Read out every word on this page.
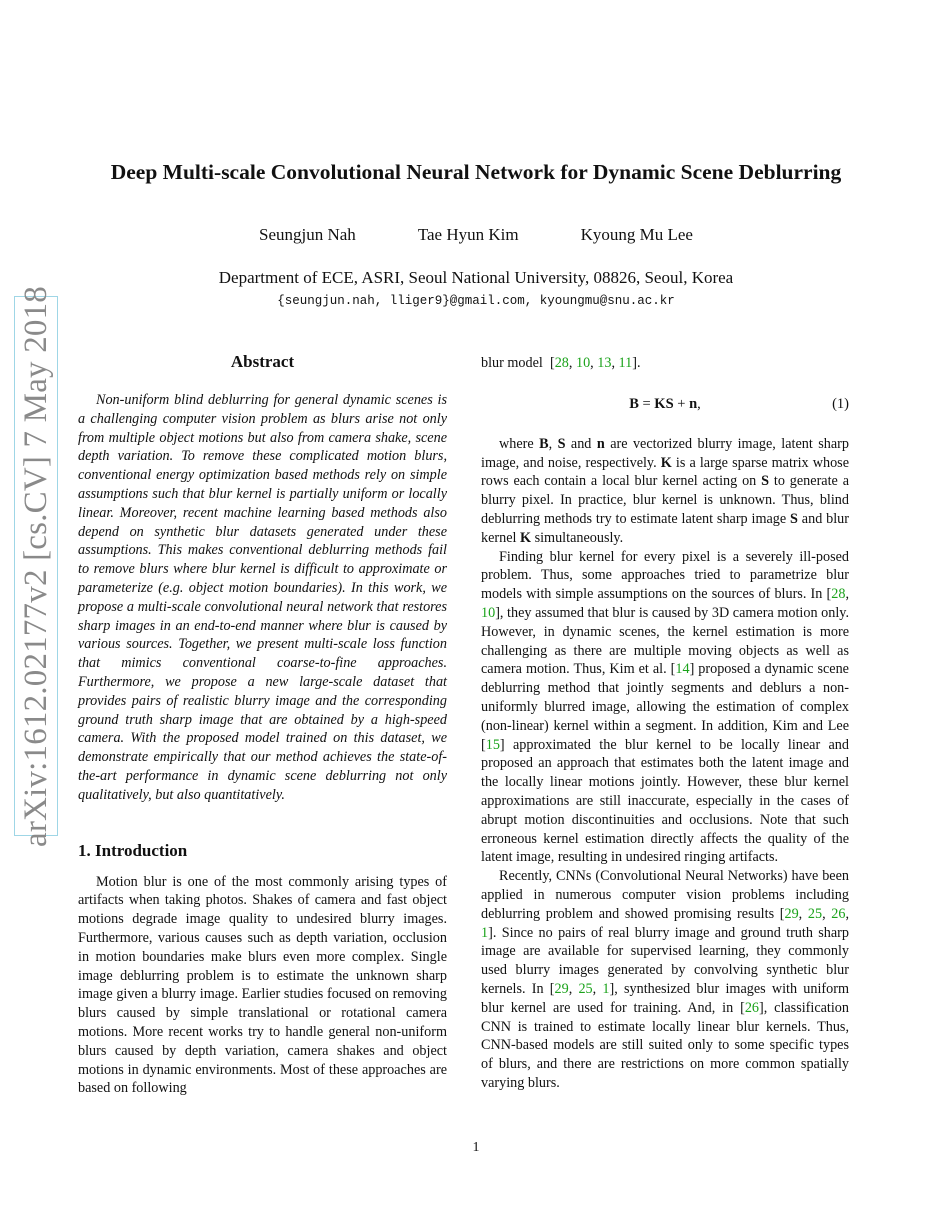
arXiv:1612.02177v2 [cs.CV] 7 May 2018
Deep Multi-scale Convolutional Neural Network for Dynamic Scene Deblurring
Seungjun Nah	Tae Hyun Kim	Kyoung Mu Lee
Department of ECE, ASRI, Seoul National University, 08826, Seoul, Korea
{seungjun.nah, lliger9}@gmail.com, kyoungmu@snu.ac.kr
Abstract

Non-uniform blind deblurring for general dynamic scenes is a challenging computer vision problem as blurs arise not only from multiple object motions but also from camera shake, scene depth variation. To remove these complicated motion blurs, conventional energy optimization based methods rely on simple assumptions such that blur kernel is partially uniform or locally linear. Moreover, recent machine learning based methods also depend on synthetic blur datasets generated under these assumptions. This makes conventional deblurring methods fail to remove blurs where blur kernel is difficult to approximate or parameterize (e.g. object motion boundaries). In this work, we propose a multi-scale convolutional neural network that restores sharp images in an end-to-end manner where blur is caused by various sources. Together, we present multi-scale loss function that mimics conventional coarse-to-fine approaches. Furthermore, we propose a new large-scale dataset that provides pairs of realistic blurry image and the corresponding ground truth sharp image that are obtained by a high-speed camera. With the proposed model trained on this dataset, we demonstrate empirically that our method achieves the state-of-the-art performance in dynamic scene deblurring not only qualitatively, but also quantitatively.

1. Introduction

Motion blur is one of the most commonly arising types of artifacts when taking photos. Shakes of camera and fast object motions degrade image quality to undesired blurry images. Furthermore, various causes such as depth variation, occlusion in motion boundaries make blurs even more complex. Single image deblurring problem is to estimate the unknown sharp image given a blurry image. Earlier studies focused on removing blurs caused by simple translational or rotational camera motions. More recent works try to handle general non-uniform blurs caused by depth variation, camera shakes and object motions in dynamic environments. Most of these approaches are based on following

blur model  [28, 10, 13, 11].

B = KS + n,	(1)

where B, S and n are vectorized blurry image, latent sharp image, and noise, respectively. K is a large sparse matrix whose rows each contain a local blur kernel acting on S to generate a blurry pixel. In practice, blur kernel is unknown. Thus, blind deblurring methods try to estimate latent sharp image S and blur kernel K simultaneously.

Finding blur kernel for every pixel is a severely ill-posed problem. Thus, some approaches tried to parametrize blur models with simple assumptions on the sources of blurs. In [28, 10], they assumed that blur is caused by 3D camera motion only. However, in dynamic scenes, the kernel estimation is more challenging as there are multiple moving objects as well as camera motion. Thus, Kim et al. [14] proposed a dynamic scene deblurring method that jointly segments and deblurs a non-uniformly blurred image, allowing the estimation of complex (non-linear) kernel within a segment. In addition, Kim and Lee [15] approximated the blur kernel to be locally linear and proposed an approach that estimates both the latent image and the locally linear motions jointly. However, these blur kernel approximations are still inaccurate, especially in the cases of abrupt motion discontinuities and occlusions. Note that such erroneous kernel estimation directly affects the quality of the latent image, resulting in undesired ringing artifacts.

Recently, CNNs (Convolutional Neural Networks) have been applied in numerous computer vision problems including deblurring problem and showed promising results [29, 25, 26, 1]. Since no pairs of real blurry image and ground truth sharp image are available for supervised learning, they commonly used blurry images generated by convolving synthetic blur kernels. In [29, 25, 1], synthesized blur images with uniform blur kernel are used for training. And, in [26], classification CNN is trained to estimate locally linear blur kernels. Thus, CNN-based models are still suited only to some specific types of blurs, and there are restrictions on more common spatially varying blurs.

1
